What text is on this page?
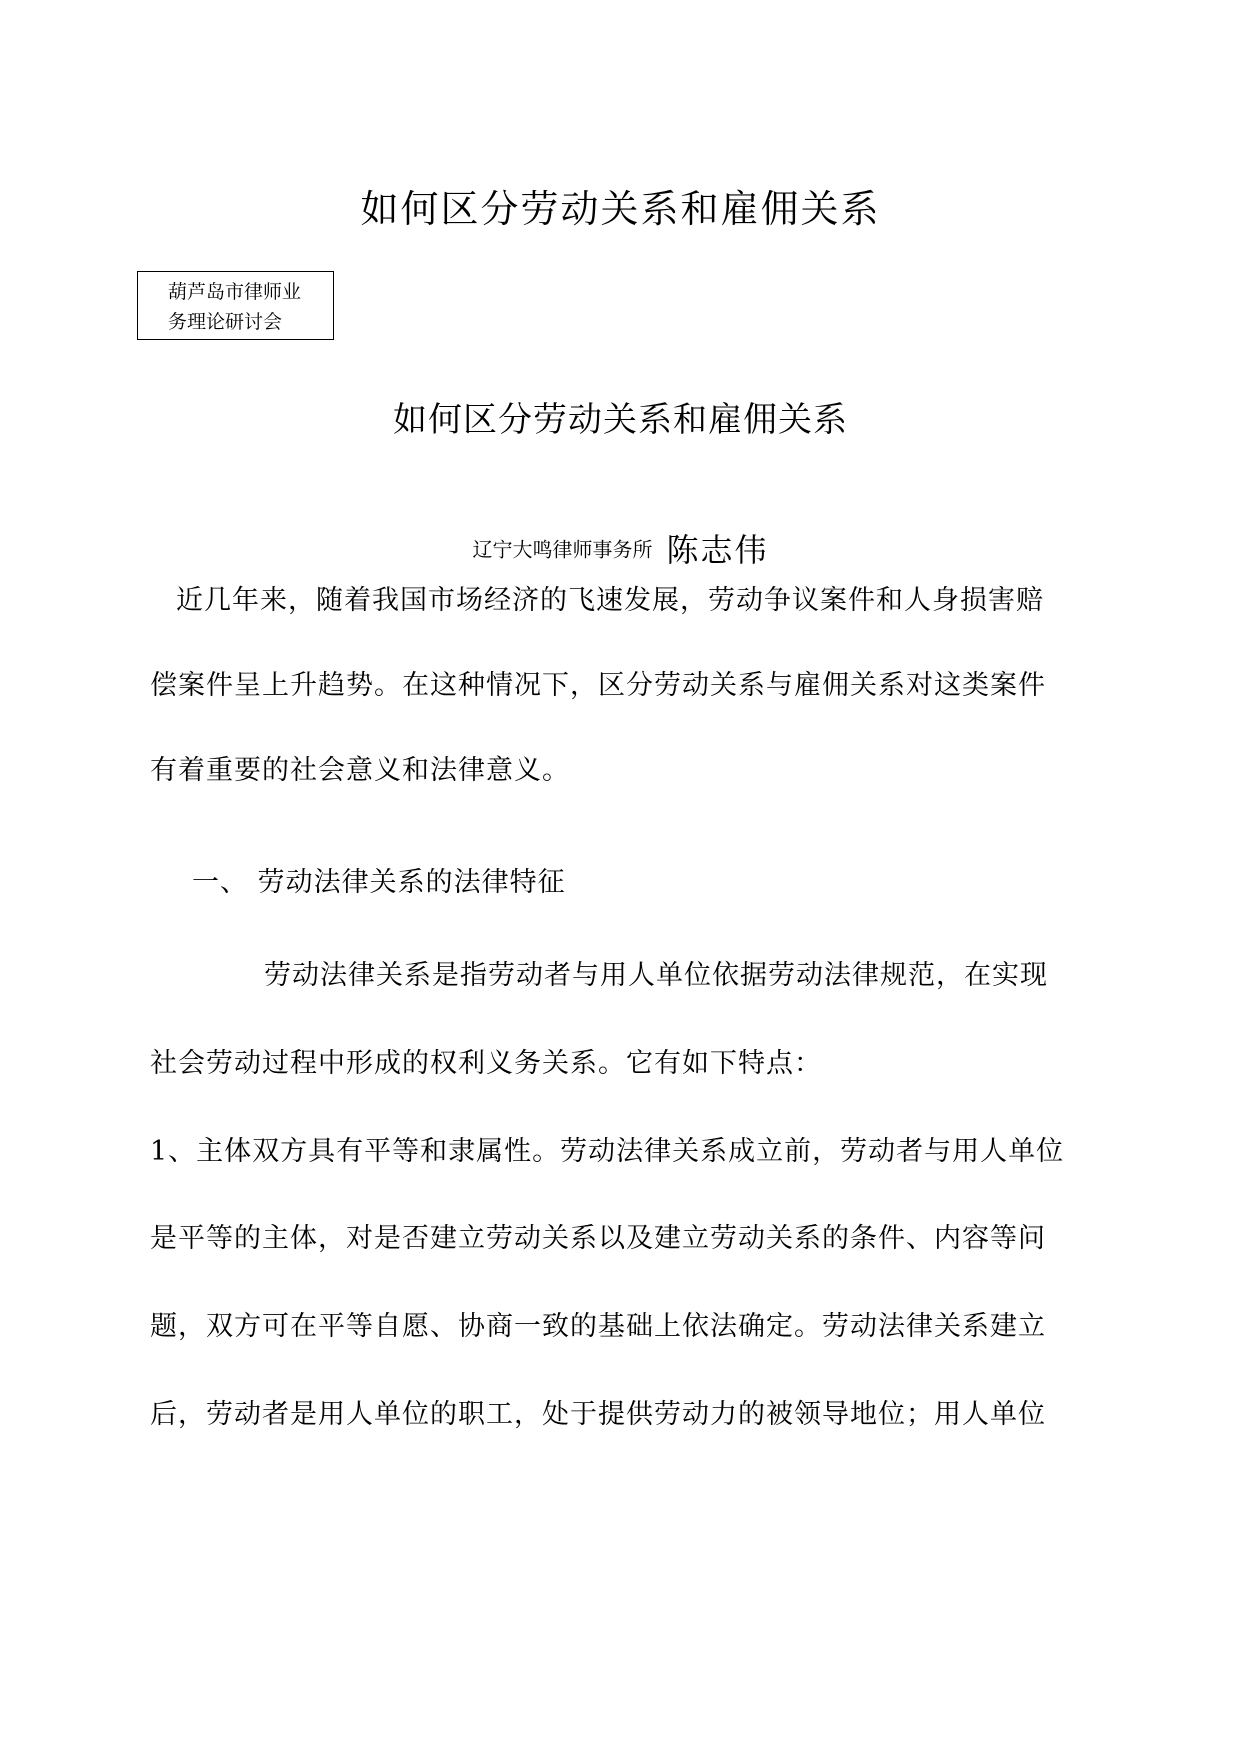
如何区分劳动关系和雇佣关系
葫芦岛市律师业
务理论研讨会
如何区分劳动关系和雇佣关系
辽宁大鸣律师事务所 陈志伟
近几年来，随着我国市场经济的飞速发展，劳动争议案件和人身损害赔
偿案件呈上升趋势。在这种情况下，区分劳动关系与雇佣关系对这类案件
有着重要的社会意义和法律意义。
一、 劳动法律关系的法律特征
劳动法律关系是指劳动者与用人单位依据劳动法律规范，在实现
社会劳动过程中形成的权利义务关系。它有如下特点：
1、主体双方具有平等和隶属性。劳动法律关系成立前，劳动者与用人单位
是平等的主体，对是否建立劳动关系以及建立劳动关系的条件、内容等问
题，双方可在平等自愿、协商一致的基础上依法确定。劳动法律关系建立
后，劳动者是用人单位的职工，处于提供劳动力的被领导地位；用人单位
